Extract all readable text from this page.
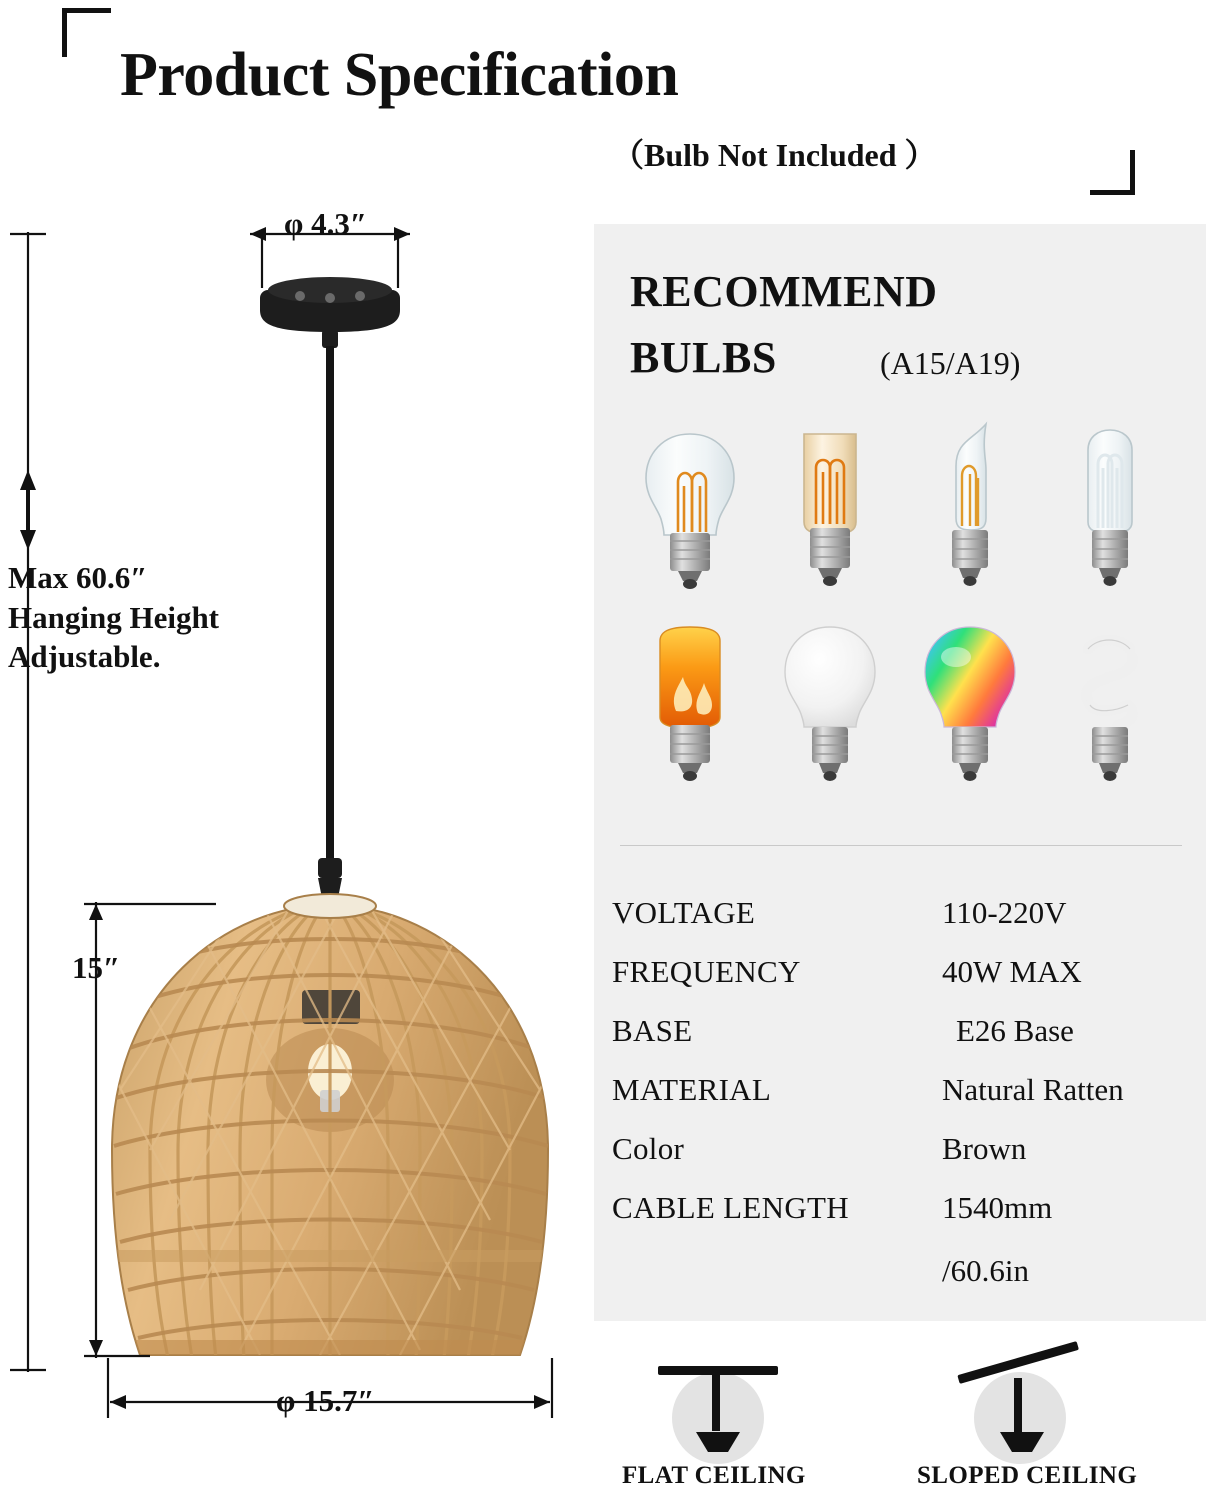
Product Specification
（Bulb Not Included ）
RECOMMEND
BULBS	(A15/A19)
VOLTAGE	110-220V
FREQUENCY	40W MAX
BASE	E26 Base
MATERIAL	Natural Ratten
Color	Brown
CABLE LENGTH	1540mm
/60.6in
φ 4.3″
Max 60.6″
Hanging Height
Adjustable.
15″
φ 15.7″
FLAT CEILING	SLOPED CEILING
